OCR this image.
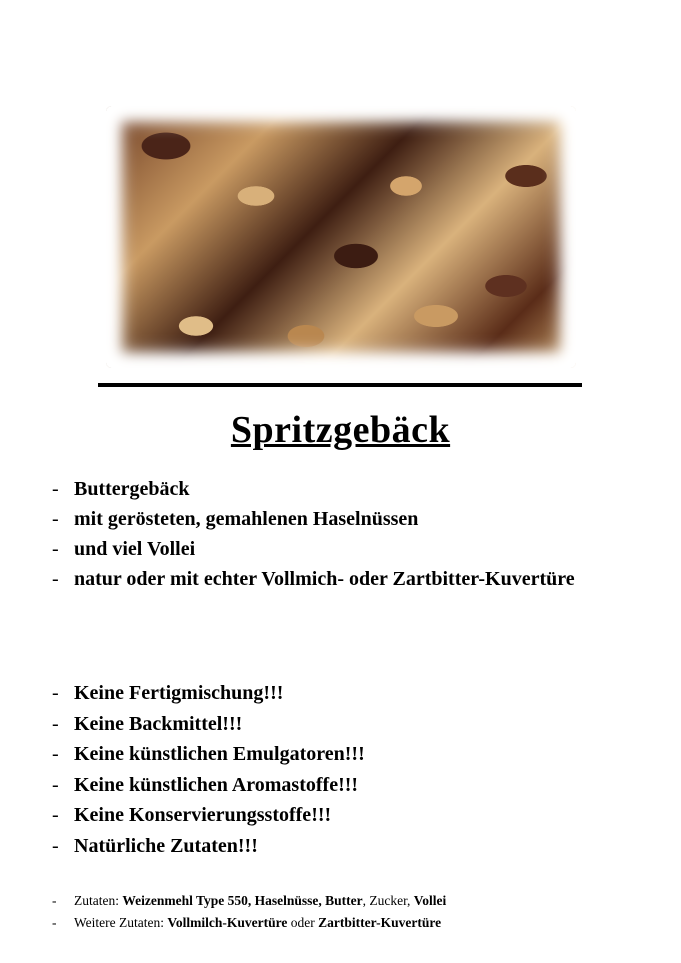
Spritzgebäck
- Buttergebäck
- mit gerösteten, gemahlenen Haselnüssen
- und viel Vollei
- natur oder mit echter Vollmich- oder Zartbitter-Kuvertüre
- Keine Fertigmischung!!!
- Keine Backmittel!!!
- Keine künstlichen Emulgatoren!!!
- Keine künstlichen Aromastoffe!!!
- Keine Konservierungsstoffe!!!
- Natürliche Zutaten!!!
- Zutaten: Weizenmehl Type 550, Haselnüsse, Butter, Zucker, Vollei
- Weitere Zutaten: Vollmilch-Kuvertüre oder Zartbitter-Kuvertüre
